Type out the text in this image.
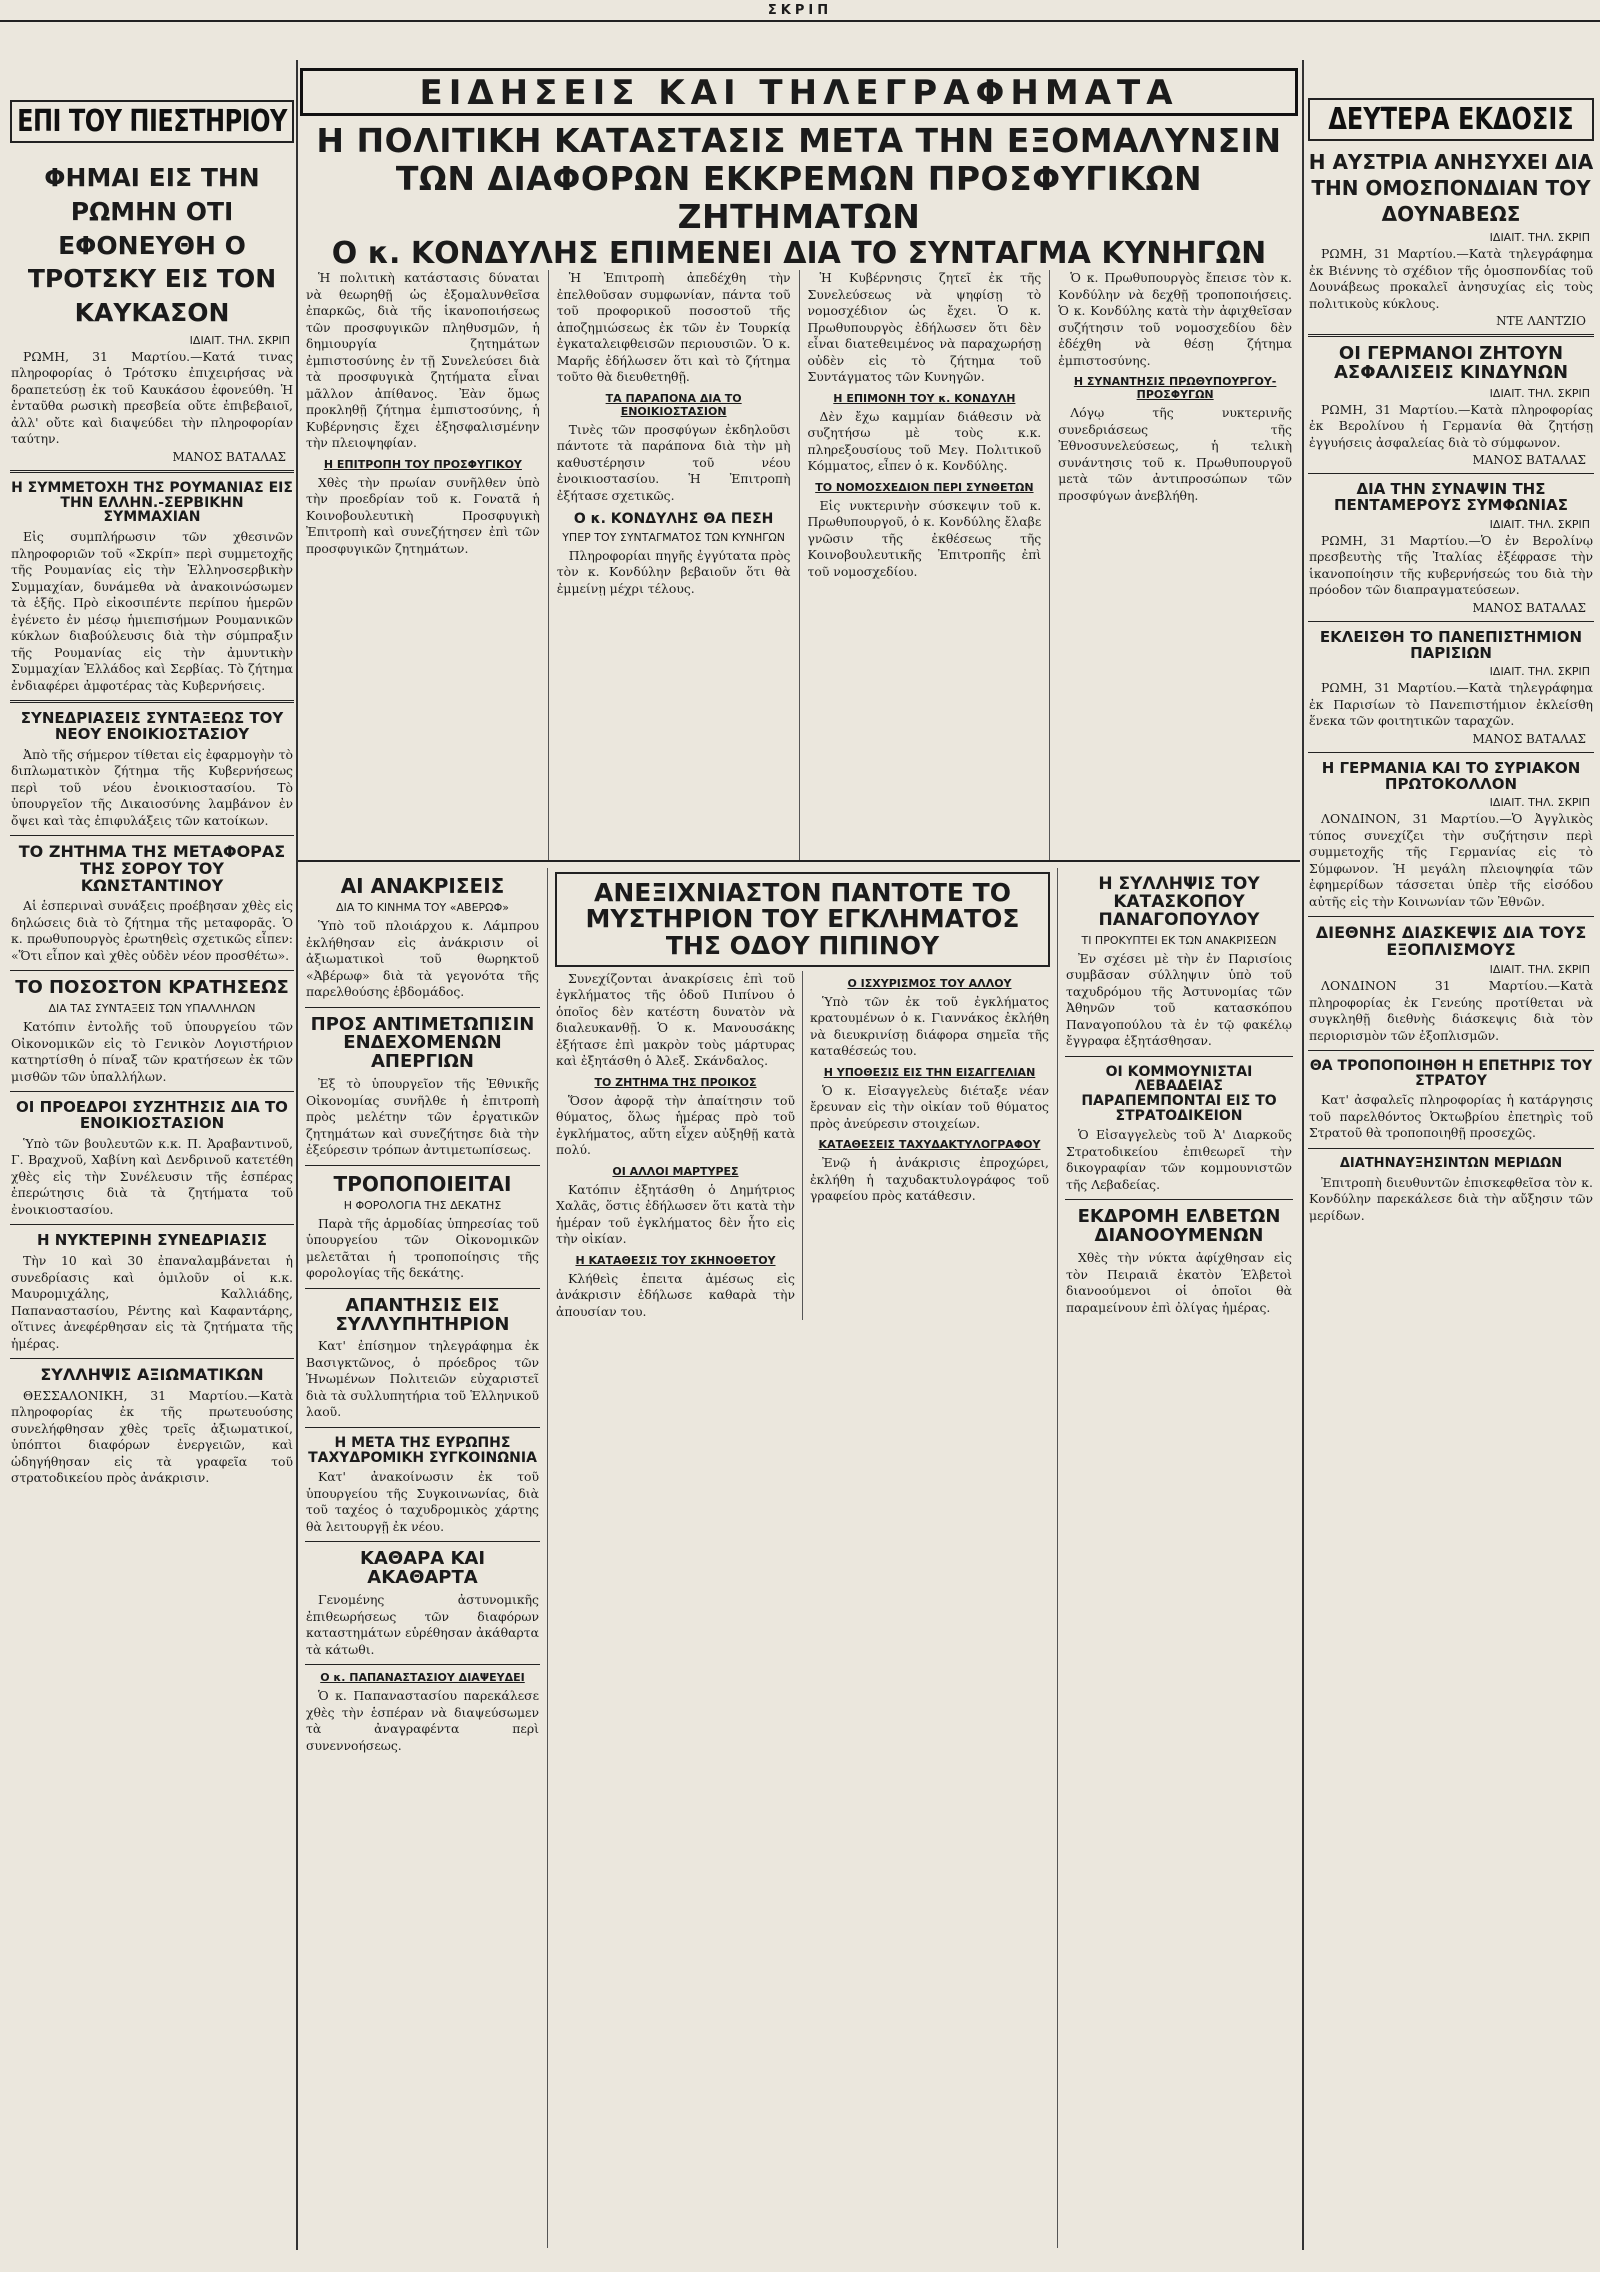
ΣΚΡΙΠ
ΕΠΙ ΤΟΥ ΠΙΕΣΤΗΡΙΟΥ
ΦΗΜΑΙ ΕΙΣ ΤΗΝ ΡΩΜΗΝ ΟΤΙ ΕΦΟΝΕΥΘΗ Ο ΤΡΟΤΣΚΥ ΕΙΣ ΤΟΝ ΚΑΥΚΑΣΟΝ
ΙΔΙΑΙΤ. ΤΗΛ. ΣΚΡΙΠ
ΡΩΜΗ, 31 Μαρτίου.—Κατά τινας πληροφορίας ὁ Τρότσκυ ἐπιχειρήσας νὰ δραπετεύσῃ ἐκ τοῦ Καυκάσου ἐφονεύθη. Ἡ ἐνταῦθα ρωσικὴ πρεσβεία οὔτε ἐπιβεβαιοῖ, ἀλλ' οὔτε καὶ διαψεύδει τὴν πληροφορίαν ταύτην.
ΜΑΝΟΣ ΒΑΤΑΛΑΣ
Η ΣΥΜΜΕΤΟΧΗ ΤΗΣ ΡΟΥΜΑΝΙΑΣ ΕΙΣ ΤΗΝ ΕΛΛΗΝ.-ΣΕΡΒΙΚΗΝ ΣΥΜΜΑΧΙΑΝ
Εἰς συμπλήρωσιν τῶν χθεσινῶν πληροφοριῶν τοῦ «Σκρίπ» περὶ συμμετοχῆς τῆς Ρουμανίας εἰς τὴν Ἑλληνοσερβικὴν Συμμαχίαν, δυνάμεθα νὰ ἀνακοινώσωμεν τὰ ἑξῆς. Πρὸ εἰκοσιπέντε περίπου ἡμερῶν ἐγένετο ἐν μέσῳ ἡμιεπισήμων Ρουμανικῶν κύκλων διαβούλευσις διὰ τὴν σύμπραξιν τῆς Ρουμανίας εἰς τὴν ἀμυντικὴν Συμμαχίαν Ἑλλάδος καὶ Σερβίας. Τὸ ζήτημα ἐνδιαφέρει ἀμφοτέρας τὰς Κυβερνήσεις.
ΣΥΝΕΔΡΙΑΣΕΙΣ ΣΥΝΤΑΞΕΩΣ ΤΟΥ ΝΕΟΥ ΕΝΟΙΚΙΟΣΤΑΣΙΟΥ
Ἀπὸ τῆς σήμερον τίθεται εἰς ἐφαρμογὴν τὸ διπλωματικὸν ζήτημα τῆς Κυβερνήσεως περὶ τοῦ νέου ἐνοικιοστασίου. Τὸ ὑπουργεῖον τῆς Δικαιοσύνης λαμβάνον ἐν ὄψει καὶ τὰς ἐπιφυλάξεις τῶν κατοίκων.
ΤΟ ΖΗΤΗΜΑ ΤΗΣ ΜΕΤΑΦΟΡΑΣ ΤΗΣ ΣΟΡΟΥ ΤΟΥ ΚΩΝΣΤΑΝΤΙΝΟΥ
Αἱ ἑσπεριναὶ συνάξεις προέβησαν χθὲς εἰς δηλώσεις διὰ τὸ ζήτημα τῆς μεταφορᾶς. Ὁ κ. πρωθυπουργὸς ἐρωτηθεὶς σχετικῶς εἶπεν: «Ὅτι εἶπον καὶ χθὲς οὐδὲν νέον προσθέτω».
ΤΟ ΠΟΣΟΣΤΟΝ ΚΡΑΤΗΣΕΩΣ
ΔΙΑ ΤΑΣ ΣΥΝΤΑΞΕΙΣ ΤΩΝ ΥΠΑΛΛΗΛΩΝ
Κατόπιν ἐντολῆς τοῦ ὑπουργείου τῶν Οἰκονομικῶν εἰς τὸ Γενικὸν Λογιστήριον κατηρτίσθη ὁ πίναξ τῶν κρατήσεων ἐκ τῶν μισθῶν τῶν ὑπαλλήλων.
ΟΙ ΠΡΟΕΔΡΟΙ ΣΥΖΗΤΗΣΙΣ ΔΙΑ ΤΟ ΕΝΟΙΚΙΟΣΤΑΣΙΟΝ
Ὑπὸ τῶν βουλευτῶν κ.κ. Π. Ἀραβαντινοῦ, Γ. Βραχνοῦ, Χαβίνη καὶ Δενδρινοῦ κατετέθη χθὲς εἰς τὴν Συνέλευσιν τῆς ἑσπέρας ἐπερώτησις διὰ τὰ ζητήματα τοῦ ἐνοικιοστασίου.
Η ΝΥΚΤΕΡΙΝΗ ΣΥΝΕΔΡΙΑΣΙΣ
Τὴν 10 καὶ 30 ἐπαναλαμβάνεται ἡ συνεδρίασις καὶ ὁμιλοῦν οἱ κ.κ. Μαυρομιχάλης, Καλλιάδης, Παπαναστασίου, Ρέντης καὶ Καφαντάρης, οἵτινες ἀνεφέρθησαν εἰς τὰ ζητήματα τῆς ἡμέρας.
ΣΥΛΛΗΨΙΣ ΑΞΙΩΜΑΤΙΚΩΝ
ΘΕΣΣΑΛΟΝΙΚΗ, 31 Μαρτίου.—Κατὰ πληροφορίας ἐκ τῆς πρωτευούσης συνελήφθησαν χθὲς τρεῖς ἀξιωματικοί, ὑπόπτοι διαφόρων ἐνεργειῶν, καὶ ὡδηγήθησαν εἰς τὰ γραφεῖα τοῦ στρατοδικείου πρὸς ἀνάκρισιν.
ΕΙΔΗΣΕΙΣ ΚΑΙ ΤΗΛΕΓΡΑΦΗΜΑΤΑ
Η ΠΟΛΙΤΙΚΗ ΚΑΤΑΣΤΑΣΙΣ ΜΕΤΑ ΤΗΝ ΕΞΟΜΑΛΥΝΣΙΝ
ΤΩΝ ΔΙΑΦΟΡΩΝ ΕΚΚΡΕΜΩΝ ΠΡΟΣΦΥΓΙΚΩΝ ΖΗΤΗΜΑΤΩΝ
Ο κ. ΚΟΝΔΥΛΗΣ ΕΠΙΜΕΝΕΙ ΔΙΑ ΤΟ ΣΥΝΤΑΓΜΑ ΚΥΝΗΓΩΝ
Ἡ πολιτικὴ κατάστασις δύναται νὰ θεωρηθῇ ὡς ἐξομαλυνθεῖσα ἐπαρκῶς, διὰ τῆς ἱκανοποιήσεως τῶν προσφυγικῶν πληθυσμῶν, ἡ δημιουργία ζητημάτων ἐμπιστοσύνης ἐν τῇ Συνελεύσει διὰ τὰ προσφυγικὰ ζητήματα εἶναι μᾶλλον ἀπίθανος. Ἐὰν ὅμως προκληθῇ ζήτημα ἐμπιστοσύνης, ἡ Κυβέρνησις ἔχει ἐξησφαλισμένην τὴν πλειοψηφίαν.
Η ΕΠΙΤΡΟΠΗ ΤΟΥ ΠΡΟΣΦΥΓΙΚΟΥ
Χθὲς τὴν πρωίαν συνῆλθεν ὑπὸ τὴν προεδρίαν τοῦ κ. Γονατᾶ ἡ Κοινοβουλευτικὴ Προσφυγικὴ Ἐπιτροπὴ καὶ συνεζήτησεν ἐπὶ τῶν προσφυγικῶν ζητημάτων.
Ἡ Ἐπιτροπὴ ἀπεδέχθη τὴν ἐπελθοῦσαν συμφωνίαν, πάντα τοῦ τοῦ προφορικοῦ ποσοστοῦ τῆς ἀποζημιώσεως ἐκ τῶν ἐν Τουρκίᾳ ἐγκαταλειφθεισῶν περιουσιῶν. Ὁ κ. Μαρῆς ἐδήλωσεν ὅτι καὶ τὸ ζήτημα τοῦτο θὰ διευθετηθῇ.
ΤΑ ΠΑΡΑΠΟΝΑ ΔΙΑ ΤΟ ΕΝΟΙΚΙΟΣΤΑΣΙΟΝ
Τινὲς τῶν προσφύγων ἐκδηλοῦσι πάντοτε τὰ παράπονα διὰ τὴν μὴ καθυστέρησιν τοῦ νέου ἐνοικιοστασίου. Ἡ Ἐπιτροπὴ ἐξήτασε σχετικῶς.
Ο κ. ΚΟΝΔΥΛΗΣ ΘΑ ΠΕΣΗ
ΥΠΕΡ ΤΟΥ ΣΥΝΤΑΓΜΑΤΟΣ ΤΩΝ ΚΥΝΗΓΩΝ
Πληροφορίαι πηγῆς ἐγγύτατα πρὸς τὸν κ. Κονδύλην βεβαιοῦν ὅτι θὰ ἐμμείνῃ μέχρι τέλους.
Ἡ Κυβέρνησις ζητεῖ ἐκ τῆς Συνελεύσεως νὰ ψηφίσῃ τὸ νομοσχέδιον ὡς ἔχει. Ὁ κ. Πρωθυπουργὸς ἐδήλωσεν ὅτι δὲν εἶναι διατεθειμένος νὰ παραχωρήσῃ οὐδὲν εἰς τὸ ζήτημα τοῦ Συντάγματος τῶν Κυνηγῶν.
Η ΕΠΙΜΟΝΗ ΤΟΥ κ. ΚΟΝΔΥΛΗ
Δὲν ἔχω καμμίαν διάθεσιν νὰ συζητήσω μὲ τοὺς κ.κ. πληρεξουσίους τοῦ Μεγ. Πολιτικοῦ Κόμματος, εἶπεν ὁ κ. Κονδύλης.
ΤΟ ΝΟΜΟΣΧΕΔΙΟΝ ΠΕΡΙ ΣΥΝΘΕΤΩΝ
Εἰς νυκτερινὴν σύσκεψιν τοῦ κ. Πρωθυπουργοῦ, ὁ κ. Κονδύλης ἔλαβε γνῶσιν τῆς ἐκθέσεως τῆς Κοινοβουλευτικῆς Ἐπιτροπῆς ἐπὶ τοῦ νομοσχεδίου.
Ὁ κ. Πρωθυπουργὸς ἔπεισε τὸν κ. Κονδύλην νὰ δεχθῇ τροποποιήσεις. Ὁ κ. Κονδύλης κατὰ τὴν ἀφιχθεῖσαν συζήτησιν τοῦ νομοσχεδίου δὲν ἐδέχθη νὰ θέσῃ ζήτημα ἐμπιστοσύνης.
Η ΣΥΝΑΝΤΗΣΙΣ ΠΡΩΘΥΠΟΥΡΓΟΥ-ΠΡΟΣΦΥΓΩΝ
Λόγῳ τῆς νυκτερινῆς συνεδριάσεως τῆς Ἐθνοσυνελεύσεως, ἡ τελικὴ συνάντησις τοῦ κ. Πρωθυπουργοῦ μετὰ τῶν ἀντιπροσώπων τῶν προσφύγων ἀνεβλήθη.
ΑΙ ΑΝΑΚΡΙΣΕΙΣ
ΔΙΑ ΤΟ ΚΙΝΗΜΑ ΤΟΥ «ΑΒΕΡΩΦ»
Ὑπὸ τοῦ πλοιάρχου κ. Λάμπρου ἐκλήθησαν εἰς ἀνάκρισιν οἱ ἀξιωματικοὶ τοῦ θωρηκτοῦ «Ἀβέρωφ» διὰ τὰ γεγονότα τῆς παρελθούσης ἑβδομάδος.
ΠΡΟΣ ΑΝΤΙΜΕΤΩΠΙΣΙΝ ΕΝΔΕΧΟΜΕΝΩΝ ΑΠΕΡΓΙΩΝ
Ἐξ τὸ ὑπουργεῖον τῆς Ἐθνικῆς Οἰκονομίας συνῆλθε ἡ ἐπιτροπὴ πρὸς μελέτην τῶν ἐργατικῶν ζητημάτων καὶ συνεζήτησε διὰ τὴν ἐξεύρεσιν τρόπων ἀντιμετωπίσεως.
ΤΡΟΠΟΠΟΙΕΙΤΑΙ
Η ΦΟΡΟΛΟΓΙΑ ΤΗΣ ΔΕΚΑΤΗΣ
Παρὰ τῆς ἁρμοδίας ὑπηρεσίας τοῦ ὑπουργείου τῶν Οἰκονομικῶν μελετᾶται ἡ τροποποίησις τῆς φορολογίας τῆς δεκάτης.
ΑΠΑΝΤΗΣΙΣ ΕΙΣ ΣΥΛΛΥΠΗΤΗΡΙΟΝ
Κατ' ἐπίσημον τηλεγράφημα ἐκ Βασιγκτῶνος, ὁ πρόεδρος τῶν Ἡνωμένων Πολιτειῶν εὐχαριστεῖ διὰ τὰ συλλυπητήρια τοῦ Ἑλληνικοῦ λαοῦ.
Η ΜΕΤΑ ΤΗΣ ΕΥΡΩΠΗΣ ΤΑΧΥΔΡΟΜΙΚΗ ΣΥΓΚΟΙΝΩΝΙΑ
Κατ' ἀνακοίνωσιν ἐκ τοῦ ὑπουργείου τῆς Συγκοινωνίας, διὰ τοῦ ταχέος ὁ ταχυδρομικὸς χάρτης θὰ λειτουργῇ ἐκ νέου.
ΚΑΘΑΡΑ ΚΑΙ ΑΚΑΘΑΡΤΑ
Γενομένης ἀστυνομικῆς ἐπιθεωρήσεως τῶν διαφόρων καταστημάτων εὑρέθησαν ἀκάθαρτα τὰ κάτωθι.
Ο κ. ΠΑΠΑΝΑΣΤΑΣΙΟΥ ΔΙΑΨΕΥΔΕΙ
Ὁ κ. Παπαναστασίου παρεκάλεσε χθὲς τὴν ἑσπέραν νὰ διαψεύσωμεν τὰ ἀναγραφέντα περὶ συνεννοήσεως.
ΑΝΕΞΙΧΝΙΑΣΤΟΝ ΠΑΝΤΟΤΕ ΤΟ ΜΥΣΤΗΡΙΟΝ ΤΟΥ ΕΓΚΛΗΜΑΤΟΣ ΤΗΣ ΟΔΟΥ ΠΙΠΙΝΟΥ
Συνεχίζονται ἀνακρίσεις ἐπὶ τοῦ ἐγκλήματος τῆς ὁδοῦ Πιπίνου ὁ ὁποῖος δὲν κατέστη δυνατὸν νὰ διαλευκανθῇ. Ὁ κ. Μανουσάκης ἐξήτασε ἐπὶ μακρὸν τοὺς μάρτυρας καὶ ἐξητάσθη ὁ Ἀλεξ. Σκάνδαλος.
ΤΟ ΖΗΤΗΜΑ ΤΗΣ ΠΡΟΙΚΟΣ
Ὅσον ἀφορᾷ τὴν ἀπαίτησιν τοῦ θύματος, ὅλως ἡμέρας πρὸ τοῦ ἐγκλήματος, αὕτη εἶχεν αὐξηθῇ κατὰ πολύ.
ΟΙ ΑΛΛΟΙ ΜΑΡΤΥΡΕΣ
Κατόπιν ἐξητάσθη ὁ Δημήτριος Χαλᾶς, ὅστις ἐδήλωσεν ὅτι κατὰ τὴν ἡμέραν τοῦ ἐγκλήματος δὲν ἦτο εἰς τὴν οἰκίαν.
Η ΚΑΤΑΘΕΣΙΣ ΤΟΥ ΣΚΗΝΟΘΕΤΟΥ
Κλήθεὶς ἐπειτα ἀμέσως εἰς ἀνάκρισιν ἐδήλωσε καθαρὰ τὴν ἀπουσίαν του.
Ο ΙΣΧΥΡΙΣΜΟΣ ΤΟΥ ΑΛΛΟΥ
Ὑπὸ τῶν ἐκ τοῦ ἐγκλήματος κρατουμένων ὁ κ. Γιαννάκος ἐκλήθη νὰ διευκρινίσῃ διάφορα σημεῖα τῆς καταθέσεώς του.
Η ΥΠΟΘΕΣΙΣ ΕΙΣ ΤΗΝ ΕΙΣΑΓΓΕΛΙΑΝ
Ὁ κ. Εἰσαγγελεὺς διέταξε νέαν ἔρευναν εἰς τὴν οἰκίαν τοῦ θύματος πρὸς ἀνεύρεσιν στοιχείων.
ΚΑΤΑΘΕΣΕΙΣ ΤΑΧΥΔΑΚΤΥΛΟΓΡΑΦΟΥ
Ἐνῷ ἡ ἀνάκρισις ἐπροχώρει, ἐκλήθη ἡ ταχυδακτυλογράφος τοῦ γραφείου πρὸς κατάθεσιν.
Η ΣΥΛΛΗΨΙΣ ΤΟΥ ΚΑΤΑΣΚΟΠΟΥ ΠΑΝΑΓΟΠΟΥΛΟΥ
ΤΙ ΠΡΟΚΥΠΤΕΙ ΕΚ ΤΩΝ ΑΝΑΚΡΙΣΕΩΝ
Ἐν σχέσει μὲ τὴν ἐν Παρισίοις συμβᾶσαν σύλληψιν ὑπὸ τοῦ ταχυδρόμου τῆς Ἀστυνομίας τῶν Ἀθηνῶν τοῦ κατασκόπου Παναγοπούλου τὰ ἐν τῷ φακέλῳ ἔγγραφα ἐξητάσθησαν.
ΟΙ ΚΟΜΜΟΥΝΙΣΤΑΙ ΛΕΒΑΔΕΙΑΣ ΠΑΡΑΠΕΜΠΟΝΤΑΙ ΕΙΣ ΤΟ ΣΤΡΑΤΟΔΙΚΕΙΟΝ
Ὁ Εἰσαγγελεὺς τοῦ Ἀ' Διαρκοῦς Στρατοδικείου ἐπιθεωρεῖ τὴν δικογραφίαν τῶν κομμουνιστῶν τῆς Λεβαδείας.
ΕΚΔΡΟΜΗ ΕΛΒΕΤΩΝ ΔΙΑΝΟΟΥΜΕΝΩΝ
Χθὲς τὴν νύκτα ἀφίχθησαν εἰς τὸν Πειραιᾶ ἑκατὸν Ἑλβετοὶ διανοούμενοι οἱ ὁποῖοι θὰ παραμείνουν ἐπὶ ὀλίγας ἡμέρας.
ΔΕΥΤΕΡΑ ΕΚΔΟΣΙΣ
Η ΑΥΣΤΡΙΑ ΑΝΗΣΥΧΕΙ ΔΙΑ ΤΗΝ ΟΜΟΣΠΟΝΔΙΑΝ ΤΟΥ ΔΟΥΝΑΒΕΩΣ
ΙΔΙΑΙΤ. ΤΗΛ. ΣΚΡΙΠ
ΡΩΜΗ, 31 Μαρτίου.—Κατὰ τηλεγράφημα ἐκ Βιέννης τὸ σχέδιον τῆς ὁμοσπονδίας τοῦ Δουνάβεως προκαλεῖ ἀνησυχίας εἰς τοὺς πολιτικοὺς κύκλους.
ΝΤΕ ΛΑΝΤΖΙΟ
ΟΙ ΓΕΡΜΑΝΟΙ ΖΗΤΟΥΝ ΑΣΦΑΛΙΣΕΙΣ ΚΙΝΔΥΝΩΝ
ΙΔΙΑΙΤ. ΤΗΛ. ΣΚΡΙΠ
ΡΩΜΗ, 31 Μαρτίου.—Κατὰ πληροφορίας ἐκ Βερολίνου ἡ Γερμανία θὰ ζητήσῃ ἐγγυήσεις ἀσφαλείας διὰ τὸ σύμφωνον.
ΜΑΝΟΣ ΒΑΤΑΛΑΣ
ΔΙΑ ΤΗΝ ΣΥΝΑΨΙΝ ΤΗΣ ΠΕΝΤΑΜΕΡΟΥΣ ΣΥΜΦΩΝΙΑΣ
ΙΔΙΑΙΤ. ΤΗΛ. ΣΚΡΙΠ
ΡΩΜΗ, 31 Μαρτίου.—Ὁ ἐν Βερολίνῳ πρεσβευτὴς τῆς Ἰταλίας ἐξέφρασε τὴν ἱκανοποίησιν τῆς κυβερνήσεώς του διὰ τὴν πρόοδον τῶν διαπραγματεύσεων.
ΜΑΝΟΣ ΒΑΤΑΛΑΣ
ΕΚΛΕΙΣΘΗ ΤΟ ΠΑΝΕΠΙΣΤΗΜΙΟΝ ΠΑΡΙΣΙΩΝ
ΙΔΙΑΙΤ. ΤΗΛ. ΣΚΡΙΠ
ΡΩΜΗ, 31 Μαρτίου.—Κατὰ τηλεγράφημα ἐκ Παρισίων τὸ Πανεπιστήμιον ἐκλείσθη ἕνεκα τῶν φοιτητικῶν ταραχῶν.
ΜΑΝΟΣ ΒΑΤΑΛΑΣ
Η ΓΕΡΜΑΝΙΑ ΚΑΙ ΤΟ ΣΥΡΙΑΚΟΝ ΠΡΩΤΟΚΟΛΛΟΝ
ΙΔΙΑΙΤ. ΤΗΛ. ΣΚΡΙΠ
ΛΟΝΔΙΝΟΝ, 31 Μαρτίου.—Ὁ Ἀγγλικὸς τύπος συνεχίζει τὴν συζήτησιν περὶ συμμετοχῆς τῆς Γερμανίας εἰς τὸ Σύμφωνον. Ἡ μεγάλη πλειοψηφία τῶν ἐφημερίδων τάσσεται ὑπὲρ τῆς εἰσόδου αὐτῆς εἰς τὴν Κοινωνίαν τῶν Ἐθνῶν.
ΔΙΕΘΝΗΣ ΔΙΑΣΚΕΨΙΣ ΔΙΑ ΤΟΥΣ ΕΞΟΠΛΙΣΜΟΥΣ
ΙΔΙΑΙΤ. ΤΗΛ. ΣΚΡΙΠ
ΛΟΝΔΙΝΟΝ 31 Μαρτίου.—Κατὰ πληροφορίας ἐκ Γενεύης προτίθεται νὰ συγκληθῇ διεθνὴς διάσκεψις διὰ τὸν περιορισμὸν τῶν ἐξοπλισμῶν.
ΘΑ ΤΡΟΠΟΠΟΙΗΘΗ Η ΕΠΕΤΗΡΙΣ ΤΟΥ ΣΤΡΑΤΟΥ
Κατ' ἀσφαλεῖς πληροφορίας ἡ κατάργησις τοῦ παρελθόντος Ὀκτωβρίου ἐπετηρὶς τοῦ Στρατοῦ θὰ τροποποιηθῇ προσεχῶς.
ΔΙΑΤΗΝΑΥΞΗΣΙΝΤΩΝ ΜΕΡΙΔΩΝ
Ἐπιτροπὴ διευθυντῶν ἐπισκεφθεῖσα τὸν κ. Κονδύλην παρεκάλεσε διὰ τὴν αὔξησιν τῶν μερίδων.
